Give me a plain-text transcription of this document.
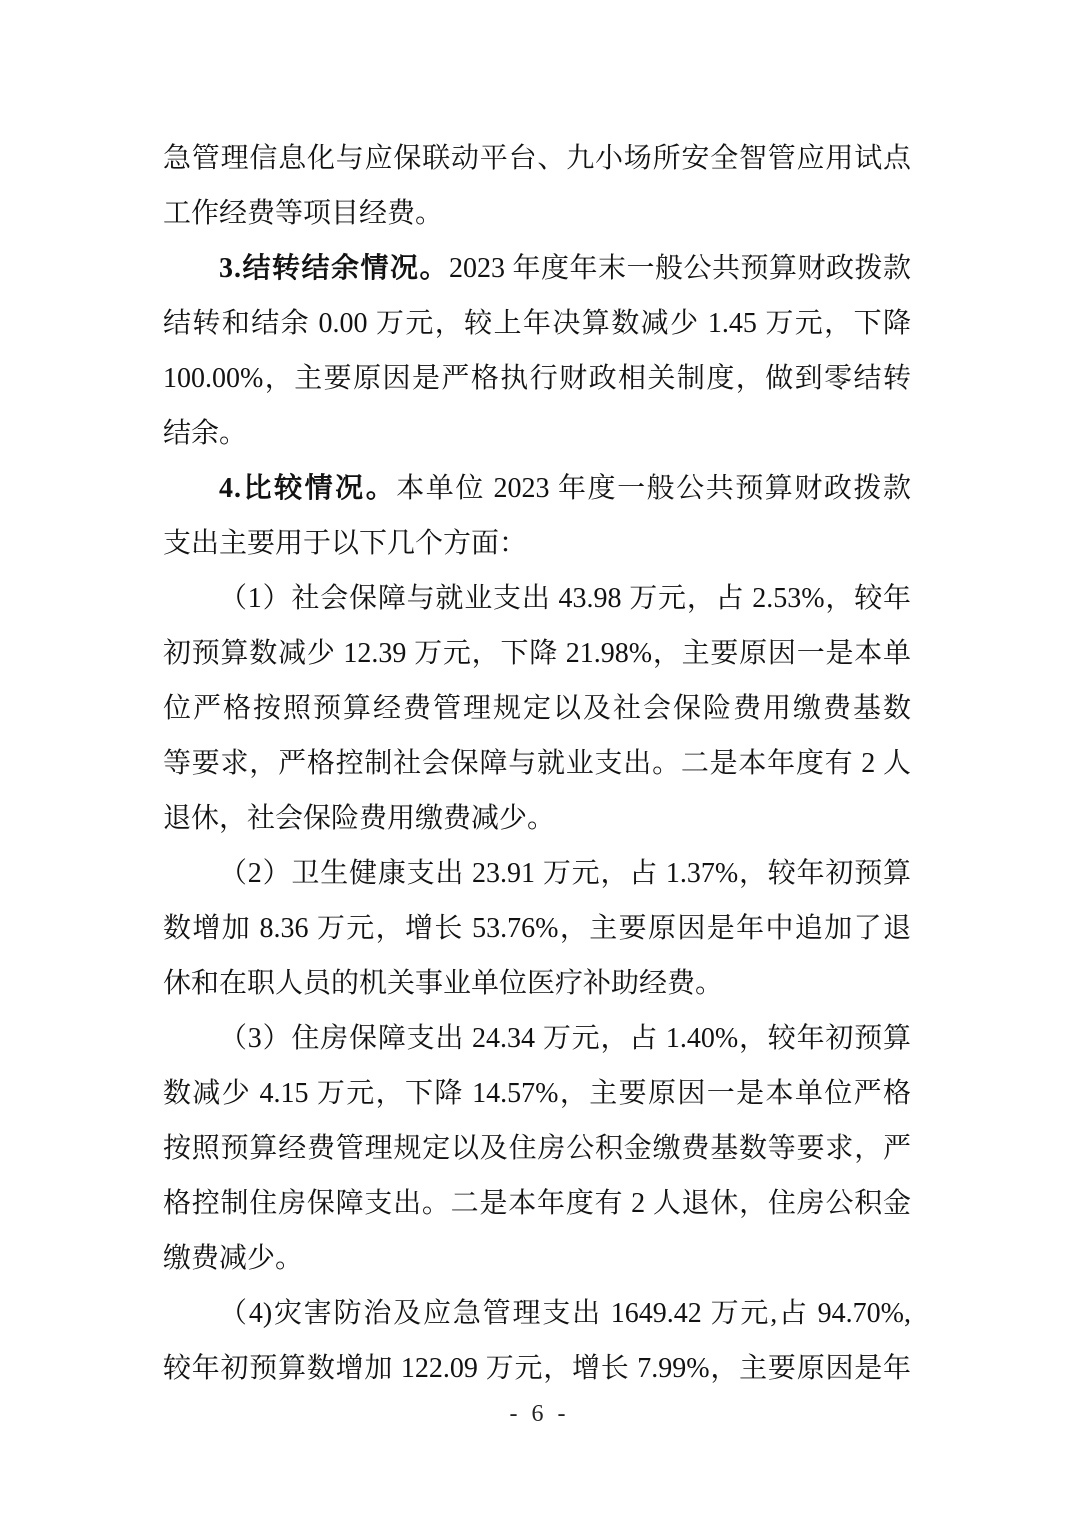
急管理信息化与应保联动平台、九小场所安全智管应用试点
工作经费等项目经费。
3.结转结余情况。2023 年度年末一般公共预算财政拨款
结转和结余 0.00 万元，较上年决算数减少 1.45 万元，下降
100.00%，主要原因是严格执行财政相关制度，做到零结转
结余。
4.比较情况。本单位 2023 年度一般公共预算财政拨款
支出主要用于以下几个方面：
（1）社会保障与就业支出 43.98 万元，占 2.53%，较年
初预算数减少 12.39 万元，下降 21.98%，主要原因一是本单
位严格按照预算经费管理规定以及社会保险费用缴费基数
等要求，严格控制社会保障与就业支出。二是本年度有 2 人
退休，社会保险费用缴费减少。
（2）卫生健康支出 23.91 万元，占 1.37%，较年初预算
数增加 8.36 万元，增长 53.76%，主要原因是年中追加了退
休和在职人员的机关事业单位医疗补助经费。
（3）住房保障支出 24.34 万元，占 1.40%，较年初预算
数减少 4.15 万元，下降 14.57%，主要原因一是本单位严格
按照预算经费管理规定以及住房公积金缴费基数等要求，严
格控制住房保障支出。二是本年度有 2 人退休，住房公积金
缴费减少。
（4)灾害防治及应急管理支出 1649.42 万元,占 94.70%,
较年初预算数增加 122.09 万元，增长 7.99%，主要原因是年
- 6 -
